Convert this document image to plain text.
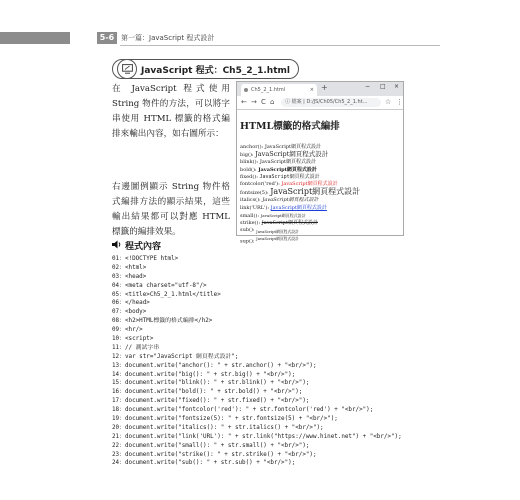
5-6 第一篇：JavaScript 程式設計
JavaScript 程式：Ch5_2_1.html
在 JavaScript 程式使用 String 物件的方法，可以將字串使用 HTML 標籤的格式編排來輸出內容，如右圖所示：
右邊圖例顯示 String 物件格式編排方法的顯示結果，這些輸出結果都可以對應 HTML 標籤的編排效果。
Ch5_2_1.html	× +	− □ ×
← → C ⌂	ⓘ 檔案 | D:/JS/Ch05/Ch5_2_1.ht...	☆ ⋮
HTML標籤的格式編排
anchor(): JavaScript網頁程式設計
big(): JavaScript網頁程式設計
blink(): JavaScript網頁程式設計
bold(): JavaScript網頁程式設計
fixed(): JavaScript網頁程式設計
fontcolor('red'): JavaScript網頁程式設計
fontsize(5): JavaScript網頁程式設計
italics(): JavaScript網頁程式設計
link('URL'): JavaScript網頁程式設計
small(): JavaScript網頁程式設計
strike(): JavaScript網頁程式設計
sub(): $_{JavaScript網頁程式設計}$
sup(): $^{JavaScript網頁程式設計}$
程式內容
01：<!DOCTYPE html>
02：<html>
03：<head>
04：<meta charset="utf-8"/>
05：<title>Ch5_2_1.html</title>
06：</head>
07：<body>
08：<h2>HTML標籤的格式編排</h2>
09：<hr/>
10：<script>
11：// 測試字串
12：var str="JavaScript 網頁程式設計";
13：document.write("anchor(): " + str.anchor() + "<br/>");
14：document.write("big(): " + str.big() + "<br/>");
15：document.write("blink(): " + str.blink() + "<br/>");
16：document.write("bold(): " + str.bold() + "<br/>");
17：document.write("fixed(): " + str.fixed() + "<br/>");
18：document.write("fontcolor('red'): " + str.fontcolor('red') + "<br/>");
19：document.write("fontsize(5): " + str.fontsize(5) + "<br/>");
20：document.write("italics(): " + str.italics() + "<br/>");
21：document.write("link('URL'): " + str.link("https://www.hinet.net") + "<br/>");
22：document.write("small(): " + str.small() + "<br/>");
23：document.write("strike(): " + str.strike() + "<br/>");
24：document.write("sub(): " + str.sub() + "<br/>");
